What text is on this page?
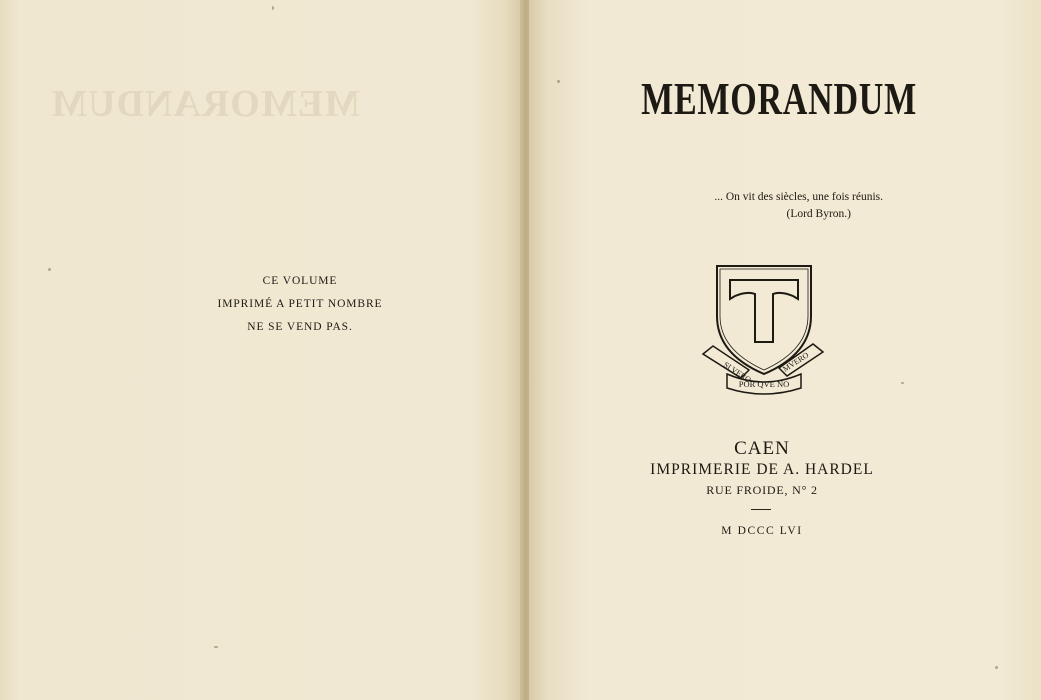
MEMORANDUM
CE VOLUME
IMPRIMÉ A PETIT NOMBRE
NE SE VEND PAS.
MEMORANDUM
... On vit des siècles, une fois réunis.
(Lord Byron.)
SI VERO	MVERO
POR QVE NO
CAEN
IMPRIMERIE DE A. HARDEL
RUE FROIDE, N° 2
M DCCC LVI
